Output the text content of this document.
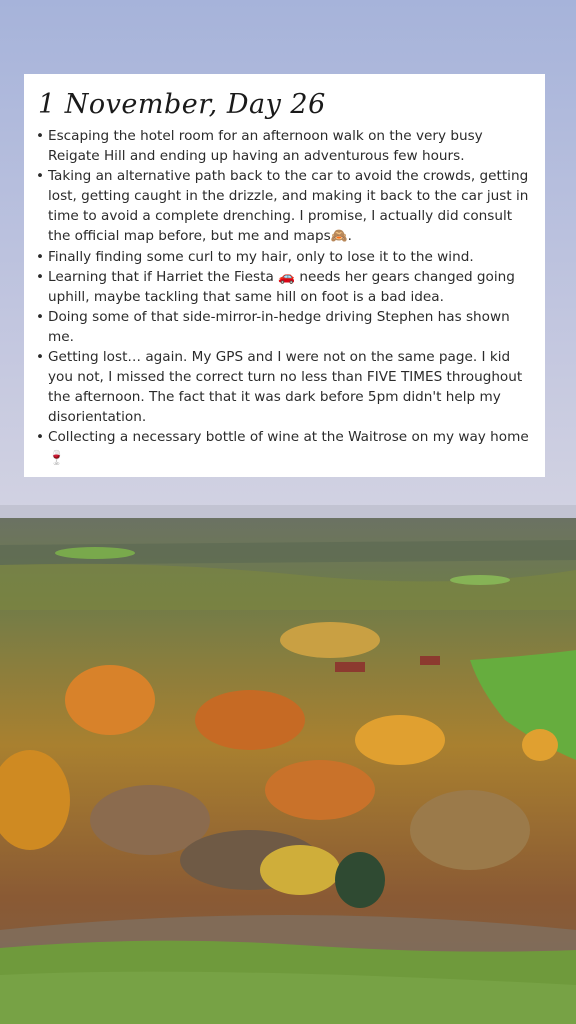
1 November, Day 26
• Escaping the hotel room for an afternoon walk on the very busy Reigate Hill and ending up having an adventurous few hours.
• Taking an alternative path back to the car to avoid the crowds, getting lost, getting caught in the drizzle, and making it back to the car just in time to avoid a complete drenching. I promise, I actually did consult the official map before, but me and maps🙈.
• Finally finding some curl to my hair, only to lose it to the wind.
• Learning that if Harriet the Fiesta 🚗 needs her gears changed going uphill, maybe tackling that same hill on foot is a bad idea.
• Doing some of that side-mirror-in-hedge driving Stephen has shown me.
• Getting lost… again. My GPS and I were not on the same page. I kid you not, I missed the correct turn no less than FIVE TIMES throughout the afternoon. The fact that it was dark before 5pm didn't help my disorientation.
• Collecting a necessary bottle of wine at the Waitrose on my way home 🍷
